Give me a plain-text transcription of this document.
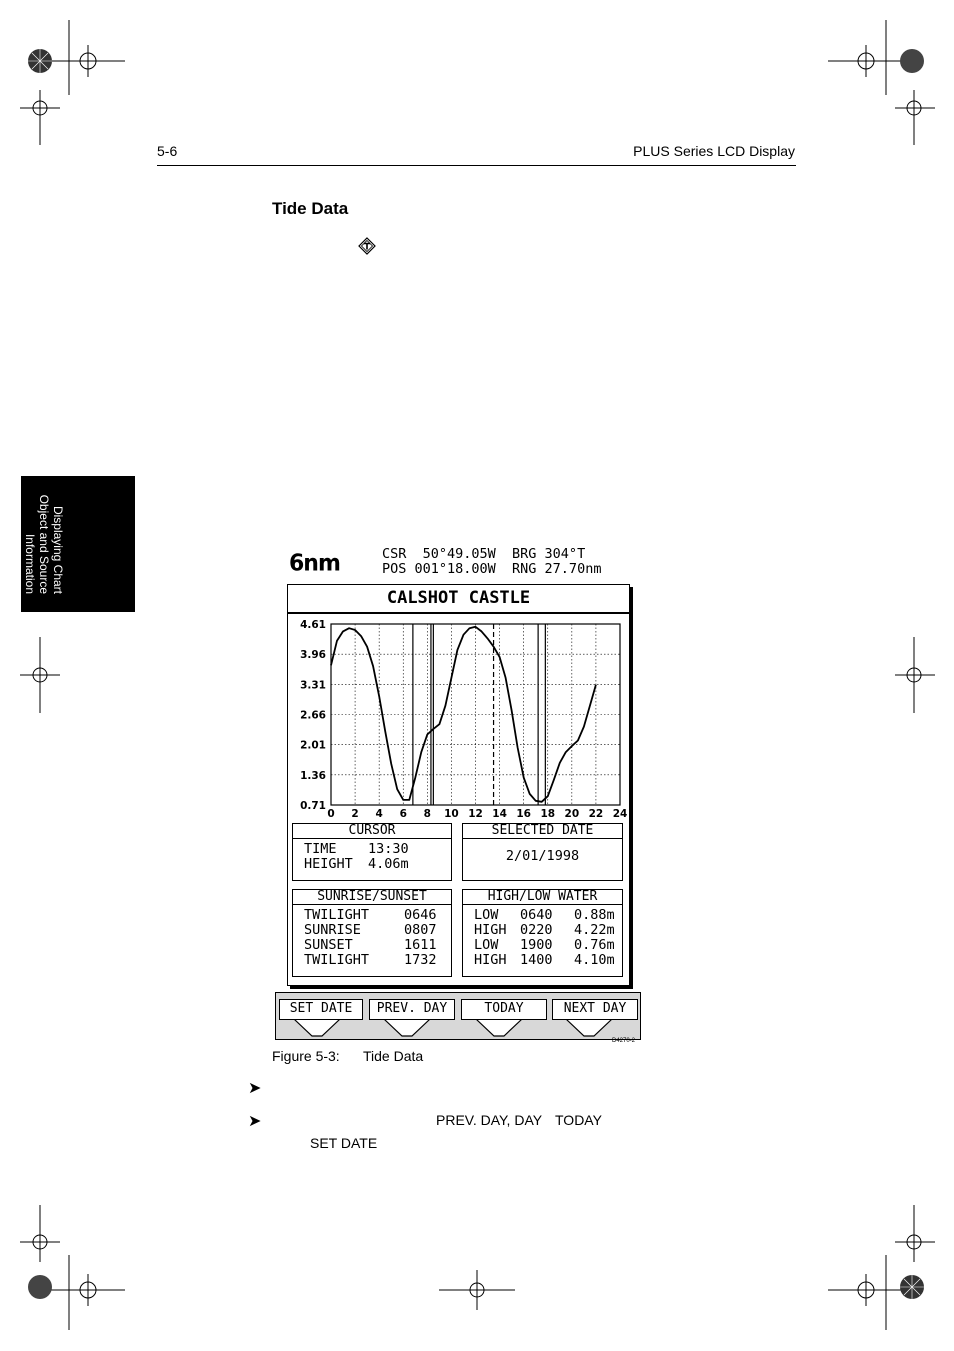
5-6	PLUS Series LCD Display
Tide Data
Displaying Chart
Object and Source
Information	6nm	CSR  50°49.05W  BRG 304°T
POS 001°18.00W  RNG 27.70nm
CALSHOT CASTLE
0 2 4 6 8 10 12 14 16 18 20 22 24
4.61
3.96
3.31
2.66
2.01
1.36
0.71
CURSOR
TIME 13:30
HEIGHT 4.06m
SELECTED DATE
2/01/1998
SUNRISE/SUNSET
TWILIGHT	0646
SUNRISE	0807
SUNSET	1611
TWILIGHT	1732
HIGH/LOW WATER
LOW 0640 0.88m
HIGH 0220 4.22m
LOW 1900 0.76m
HIGH 1400 4.10m
SET DATE	PREV. DAY	TODAY	NEXT DAY
D4270-2
Figure 5-3: Tide Data
➤
➤	PREV. DAY, DAY TODAY
SET DATE
